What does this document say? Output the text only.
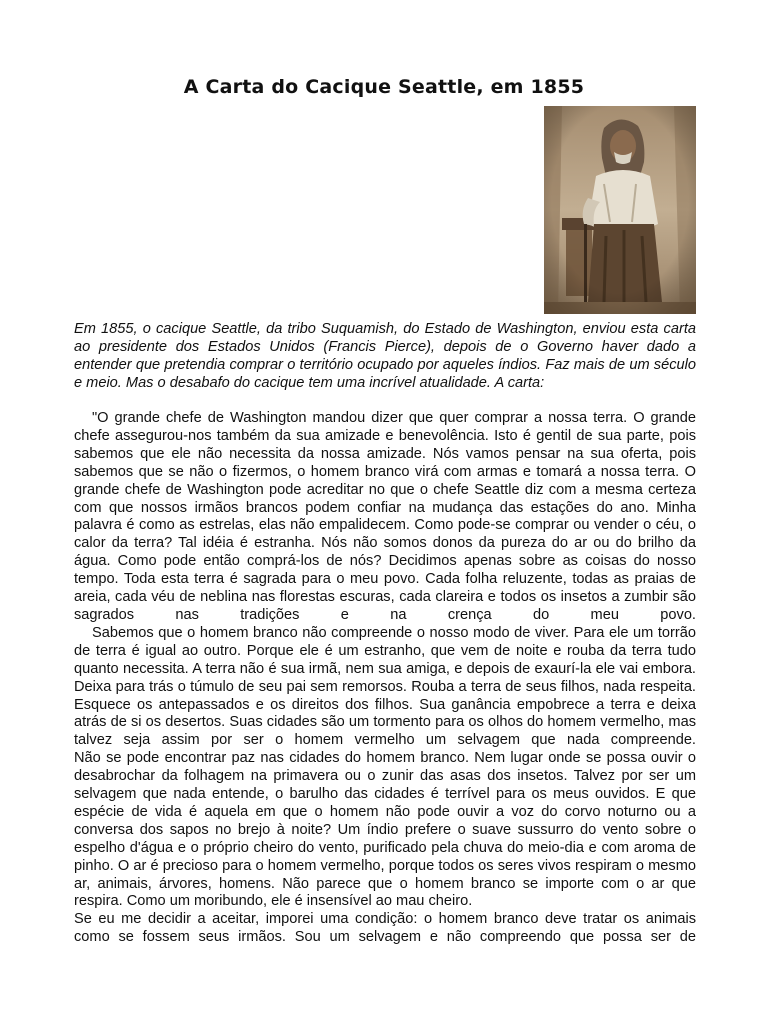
A Carta do Cacique Seattle, em 1855

Em 1855, o cacique Seattle, da tribo Suquamish, do Estado de Washington, enviou esta carta ao presidente dos Estados Unidos (Francis Pierce), depois de o Governo haver dado a entender que pretendia comprar o território ocupado por aqueles índios. Faz mais de um século e meio. Mas o desabafo do cacique tem uma incrível atualidade. A carta:

"O grande chefe de Washington mandou dizer que quer comprar a nossa terra. O grande chefe assegurou-nos também da sua amizade e benevolência. Isto é gentil de sua parte, pois sabemos que ele não necessita da nossa amizade. Nós vamos pensar na sua oferta, pois sabemos que se não o fizermos, o homem branco virá com armas e tomará a nossa terra. O grande chefe de Washington pode acreditar no que o chefe Seattle diz com a mesma certeza com que nossos irmãos brancos podem confiar na mudança das estações do ano. Minha palavra é como as estrelas, elas não empalidecem. Como pode-se comprar ou vender o céu, o calor da terra? Tal idéia é estranha. Nós não somos donos da pureza do ar ou do brilho da água. Como pode então comprá-los de nós? Decidimos apenas sobre as coisas do nosso tempo. Toda esta terra é sagrada para o meu povo. Cada folha reluzente, todas as praias de areia, cada véu de neblina nas florestas escuras, cada clareira e todos os insetos a zumbir são sagrados nas tradições e na crença do meu povo.

Sabemos que o homem branco não compreende o nosso modo de viver. Para ele um torrão de terra é igual ao outro. Porque ele é um estranho, que vem de noite e rouba da terra tudo quanto necessita. A terra não é sua irmã, nem sua amiga, e depois de exaurí-la ele vai embora. Deixa para trás o túmulo de seu pai sem remorsos. Rouba a terra de seus filhos, nada respeita. Esquece os antepassados e os direitos dos filhos. Sua ganância empobrece a terra e deixa atrás de si os desertos. Suas cidades são um tormento para os olhos do homem vermelho, mas talvez seja assim por ser o homem vermelho um selvagem que nada compreende.

Não se pode encontrar paz nas cidades do homem branco. Nem lugar onde se possa ouvir o desabrochar da folhagem na primavera ou o zunir das asas dos insetos. Talvez por ser um selvagem que nada entende, o barulho das cidades é terrível para os meus ouvidos. E que espécie de vida é aquela em que o homem não pode ouvir a voz do corvo noturno ou a conversa dos sapos no brejo à noite? Um índio prefere o suave sussurro do vento sobre o espelho d'água e o próprio cheiro do vento, purificado pela chuva do meio-dia e com aroma de pinho. O ar é precioso para o homem vermelho, porque todos os seres vivos respiram o mesmo ar, animais, árvores, homens. Não parece que o homem branco se importe com o ar que respira. Como um moribundo, ele é insensível ao mau cheiro.

Se eu me decidir a aceitar, imporei uma condição: o homem branco deve tratar os animais como se fossem seus irmãos. Sou um selvagem e não compreendo que possa ser de
